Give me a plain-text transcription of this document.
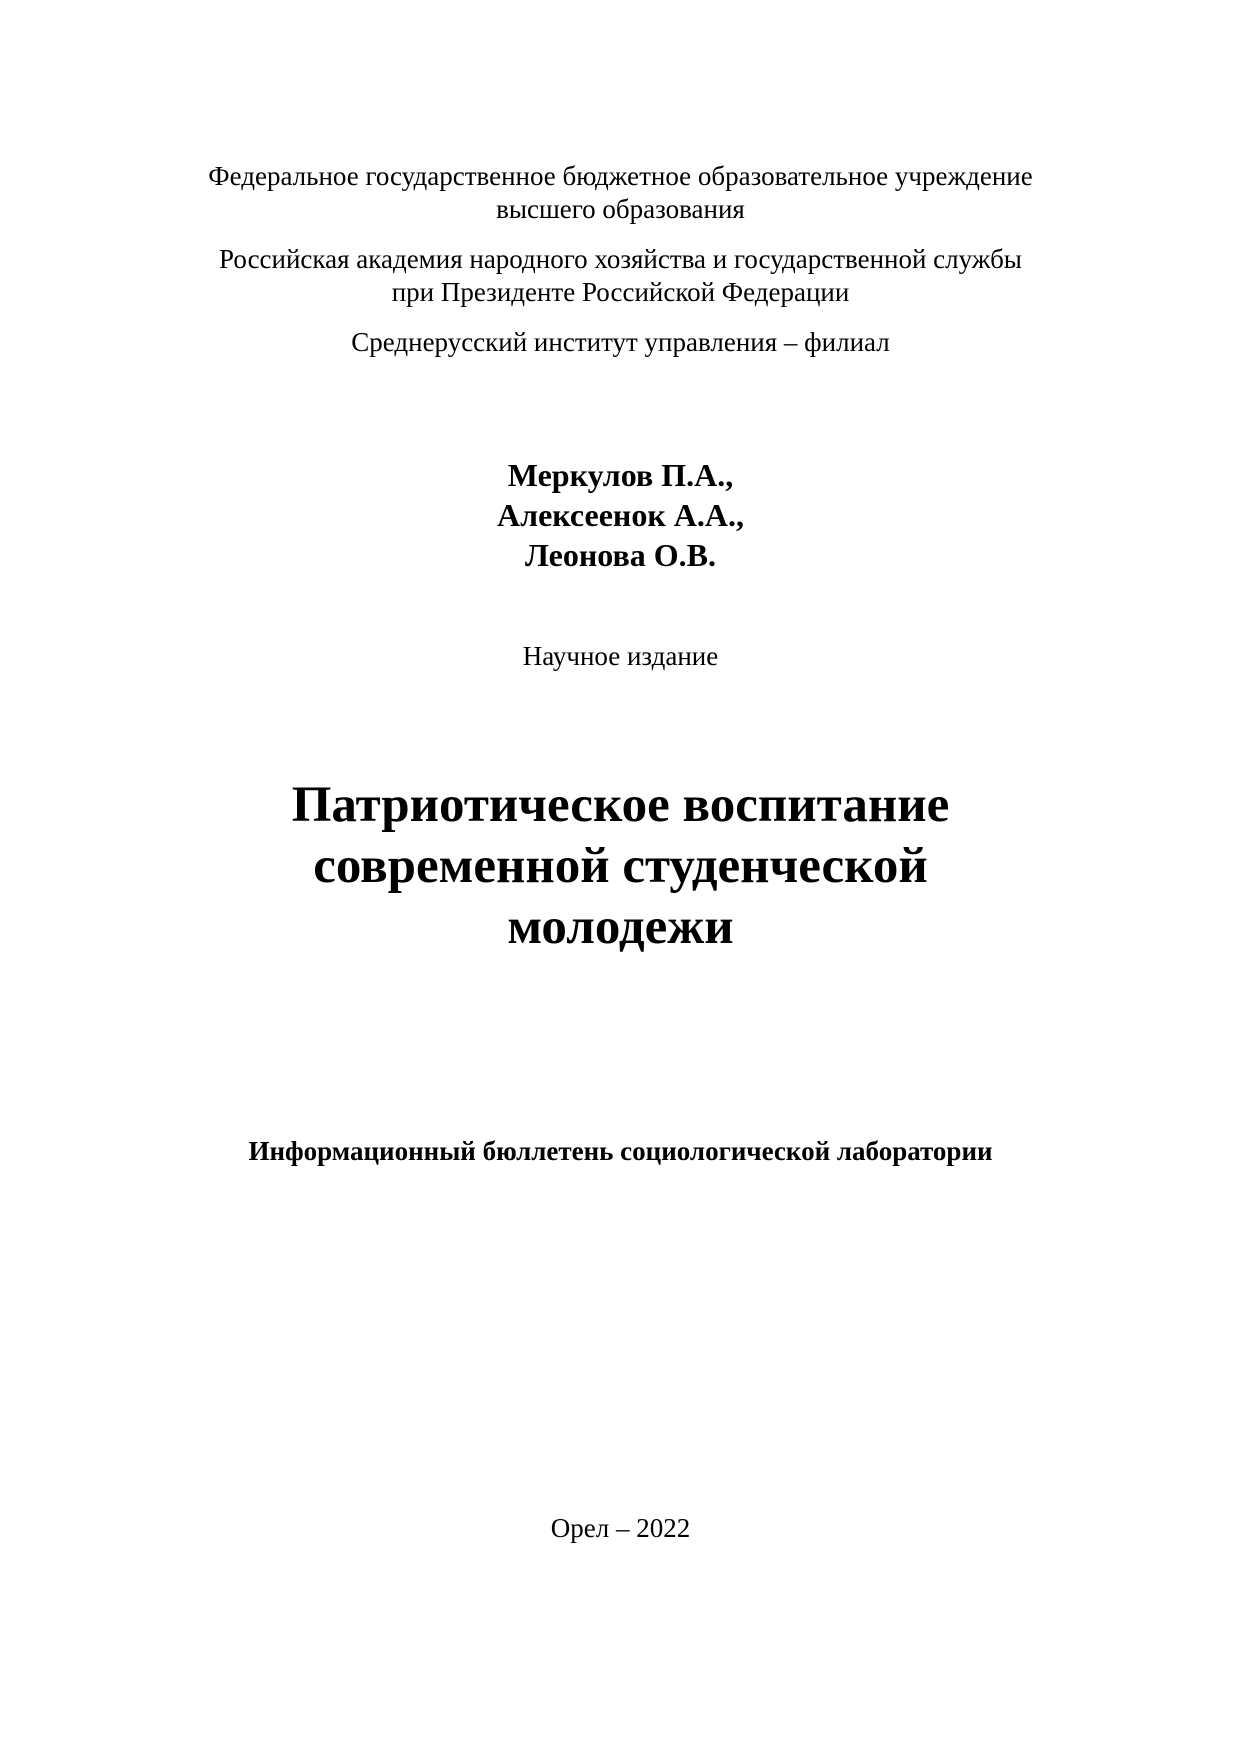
Федеральное государственное бюджетное образовательное учреждение
высшего образования
Российская академия народного хозяйства и государственной службы
при Президенте Российской Федерации
Среднерусский институт управления – филиал
Меркулов П.А.,
Алексеенок А.А.,
Леонова О.В.
Научное издание
Патриотическое воспитание
современной студенческой
молодежи
Информационный бюллетень социологической лаборатории
Орел – 2022
